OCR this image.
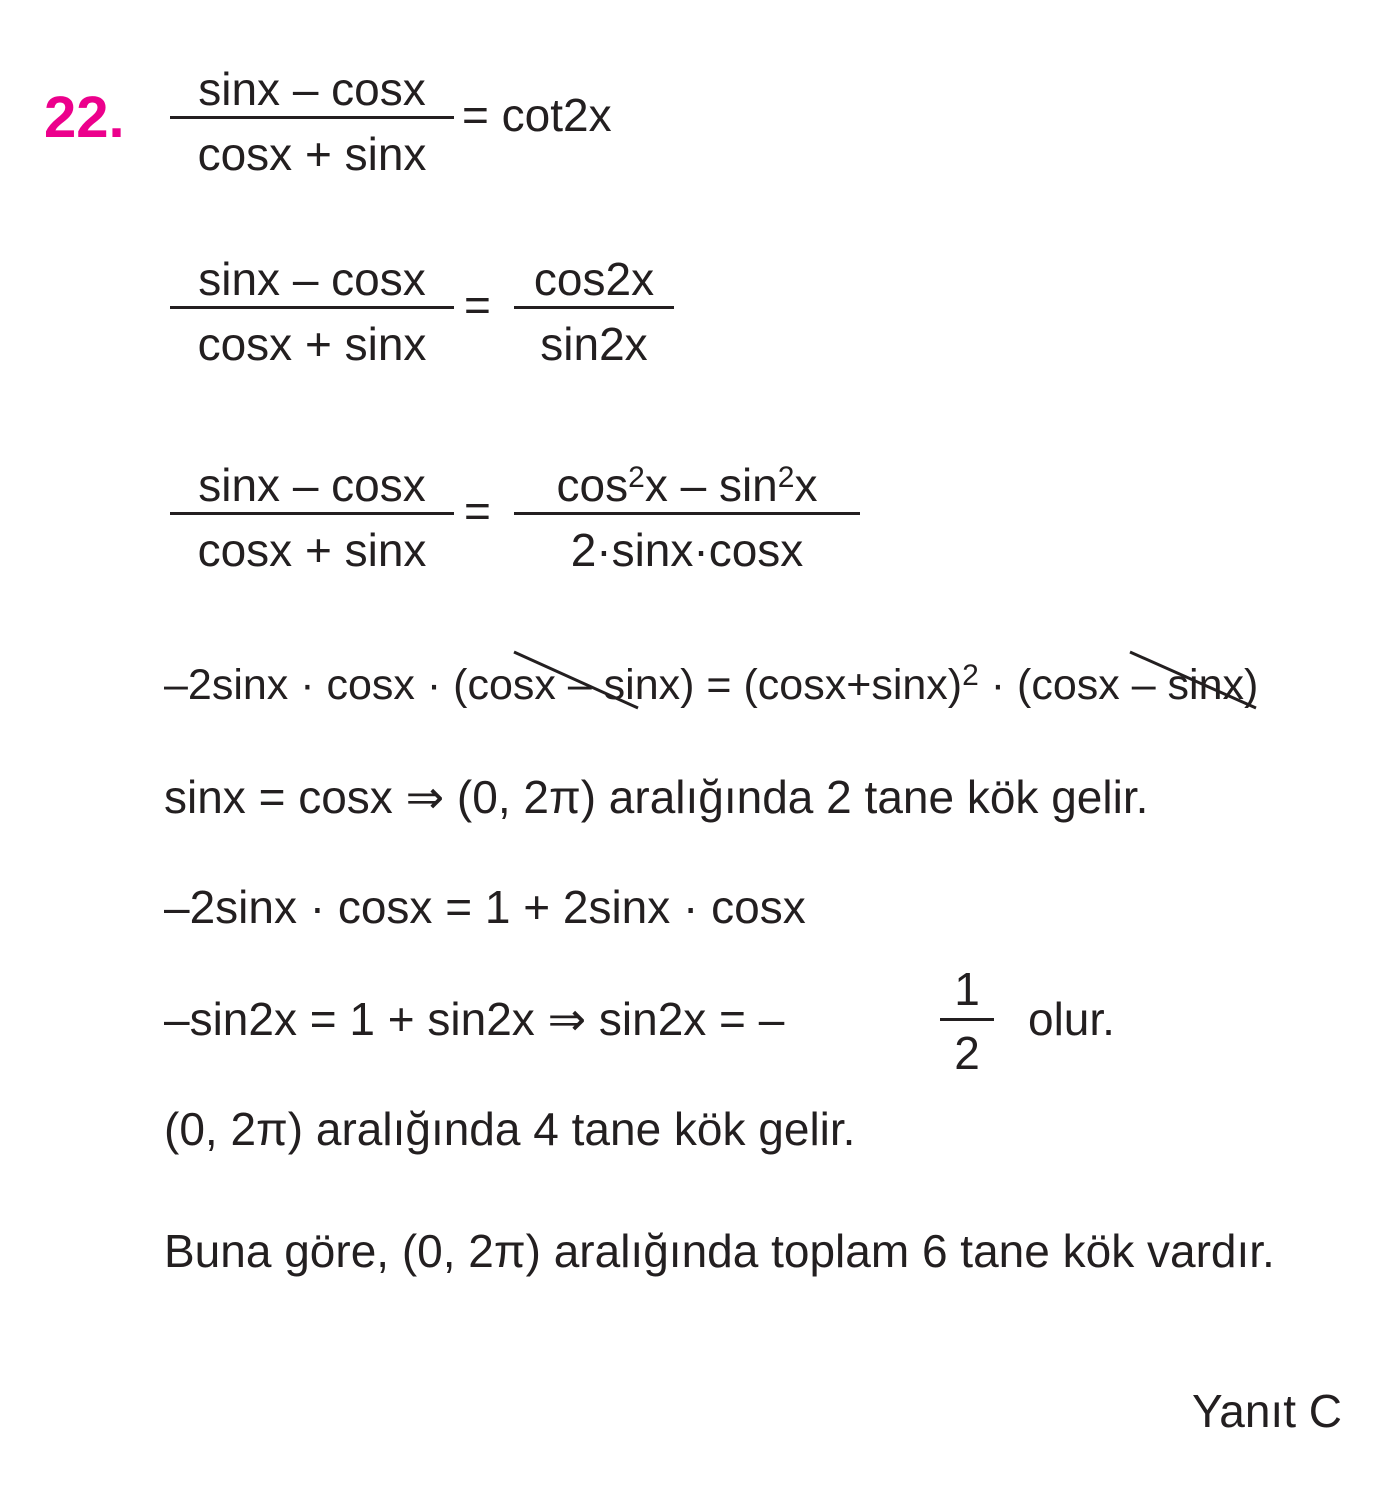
22.	sinx – cosx
cosx + sinx
= cot2x
sinx – cosx
cosx + sinx
= cos2x
sin2x
sinx – cosx
cosx + sinx
=	$\cos^2x - \sin^2x$
2·sinx·cosx
$-2\sin x \cdot \cos x \cdot (\cos x - \sin x) = (\cos x+\sin x)^2 \cdot (\cos x - \sin x)$
sinx = cosx ⇒ (0, 2π) aralığında 2 tane kök gelir.
–2sinx · cosx = 1 + 2sinx · cosx
–sin2x = 1 + sin2x ⇒ sin2x = –
1
2
olur.
(0, 2π) aralığında 4 tane kök gelir.
Buna göre, (0, 2π) aralığında toplam 6 tane kök vardır.
Yanıt C
